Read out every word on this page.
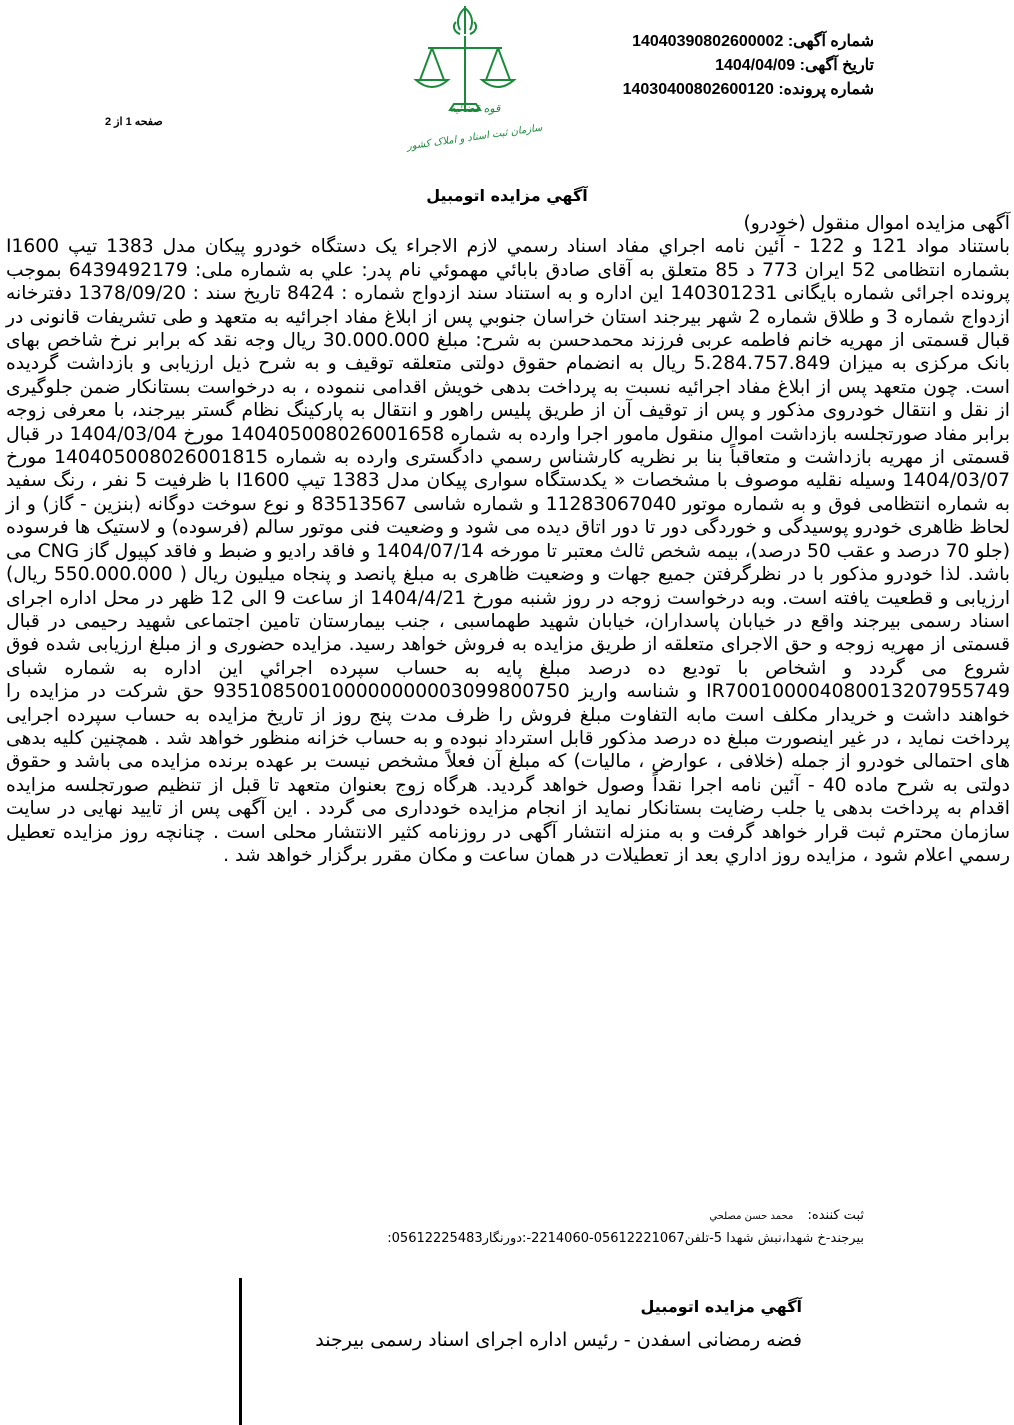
شماره آگهی: 14040390802600002
تاریخ آگهی: 1404/04/09
شماره پرونده: 14030400802600120
صفحه 1 از 2
قوه قضائیه
سازمان ثبت اسناد و املاک کشور
آگهي مزايده اتومبيل

آگهی مزایده اموال منقول (خودرو)

باستناد مواد 121 و 122 - آئین نامه اجراي مفاد اسناد رسمي لازم الاجراء یک دستگاه خودرو پیکان مدل 1383 تیپ I1600 بشماره انتظامی 52 ایران 773 د 85 متعلق به آقای صادق بابائي مهموئي نام پدر: علي به شماره ملی: 6439492179 بموجب پرونده اجرائی شماره بایگانی 140301231 این اداره و به استناد سند ازدواج شماره : 8424 تاریخ سند : 1378/09/20 دفترخانه ازدواج شماره 3 و طلاق شماره 2 شهر بیرجند استان خراسان جنوبي پس از ابلاغ مفاد اجرائیه به متعهد و طی تشریفات قانونی در قبال قسمتی از مهریه خانم فاطمه عربی فرزند محمدحسن به شرح: مبلغ 30.000.000 ریال وجه نقد که برابر نرخ شاخص بهای بانک مرکزی به میزان 5.284.757.849 ریال به انضمام حقوق دولتی متعلقه توقیف و به شرح ذیل ارزیابی و بازداشت گردیده است. چون متعهد پس از ابلاغ مفاد اجرائیه نسبت به پرداخت بدهی خویش اقدامی ننموده ، به درخواست بستانکار ضمن جلوگیری از نقل و انتقال خودروی مذکور و پس از توقیف آن از طریق پلیس راهور و انتقال به پارکینگ نظام گستر بیرجند، با معرفی زوجه برابر مفاد صورتجلسه بازداشت اموال منقول مامور اجرا وارده به شماره 140405008026001658 مورخ 1404/03/04 در قبال قسمتی از مهریه بازداشت و متعاقباً بنا بر نظریه کارشناس رسمي دادگستری وارده به شماره 140405008026001815 مورخ 1404/03/07 وسیله نقلیه موصوف با مشخصات « یکدستگاه سواری پیکان مدل 1383 تیپ I1600 با ظرفیت 5 نفر ، رنگ سفید به شماره انتظامی فوق و به شماره موتور 11283067040 و شماره شاسی 83513567 و نوع سوخت دوگانه (بنزین - گاز) و از لحاظ ظاهری خودرو پوسیدگی و خوردگی دور تا دور اتاق دیده می شود و وضعیت فنی موتور سالم (فرسوده) و لاستیک ها فرسوده (جلو 70 درصد و عقب 50 درصد)، بیمه شخص ثالث معتبر تا مورخه 1404/07/14 و فاقد رادیو و ضبط و فاقد کپیول گاز CNG می باشد. لذا خودرو مذکور با در نظرگرفتن جمیع جهات و وضعیت ظاهری به مبلغ پانصد و پنجاه میلیون ریال ( 550.000.000 ریال) ارزیابی و قطعیت یافته است. وبه درخواست زوجه در روز شنبه مورخ 1404/4/21 از ساعت 9 الی 12 ظهر در محل اداره اجرای اسناد رسمی بیرجند واقع در خیابان پاسداران، خیابان شهید طهماسبی ، جنب بیمارستان تامین اجتماعی شهید رحیمی در قبال قسمتی از مهریه زوجه و حق الاجرای متعلقه از طریق مزایده به فروش خواهد رسید. مزایده حضوری و از مبلغ ارزیابی شده فوق شروع می گردد و اشخاص با تودیع ده درصد مبلغ پایه به حساب سپرده اجرائي این اداره به شماره شبای IR700100004080013207955749 و شناسه واریز 935108500100000000003099800750 حق شرکت در مزایده را خواهند داشت و خریدار مکلف است مابه التفاوت مبلغ فروش را ظرف مدت پنج روز از تاریخ مزایده به حساب سپرده اجرایی پرداخت نماید ، در غیر اینصورت مبلغ ده درصد مذکور قابل استرداد نبوده و به حساب خزانه منظور خواهد شد . همچنین کلیه بدهی های احتمالی خودرو از جمله (خلافی ، عوارض ، مالیات) که مبلغ آن فعلاً مشخص نیست بر عهده برنده مزایده می باشد و حقوق دولتی به شرح ماده 40 - آئین نامه اجرا نقداً وصول خواهد گردید. هرگاه زوج بعنوان متعهد تا قبل از تنظیم صورتجلسه مزایده اقدام به پرداخت بدهی یا جلب رضایت بستانکار نماید از انجام مزایده خودداری می گردد . این آگهی پس از تایید نهایی در سایت سازمان محترم ثبت قرار خواهد گرفت و به منزله انتشار آگهی در روزنامه کثیر الانتشار محلی است . چنانچه روز مزایده تعطیل رسمي اعلام شود ، مزایده روز اداري بعد از تعطیلات در همان ساعت و مکان مقرر برگزار خواهد شد .

ثبت کننده: محمد حسن مصلحي
بیرجند-خ شهدا،نبش شهدا 5-تلفن05612221067-2214060-:دورنگار05612225483:
آگهي مزايده اتومبيل
فضه رمضانی اسفدن - رئیس اداره اجرای اسناد رسمی بیرجند
